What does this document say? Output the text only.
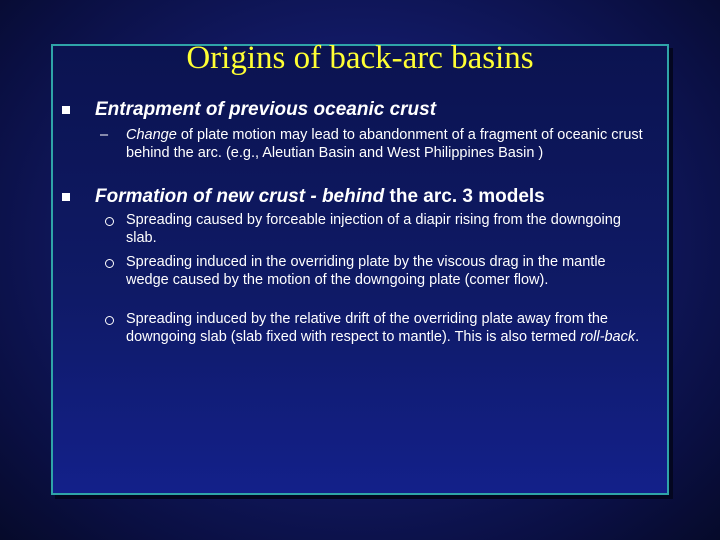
Origins of back-arc basins
Entrapment of previous oceanic crust
–	Change of plate motion may lead to abandonment of a fragment of oceanic crust behind the arc. (e.g., Aleutian Basin and West Philippines Basin )
Formation of new crust - behind the arc. 3 models
Spreading caused by forceable injection of a diapir rising from the downgoing slab.
Spreading induced in the overriding plate by the viscous drag in the mantle wedge caused by the motion of the downgoing plate (comer flow).
Spreading induced by the relative drift of the overriding plate away from the downgoing slab (slab fixed with respect to mantle). This is also termed roll-back.
